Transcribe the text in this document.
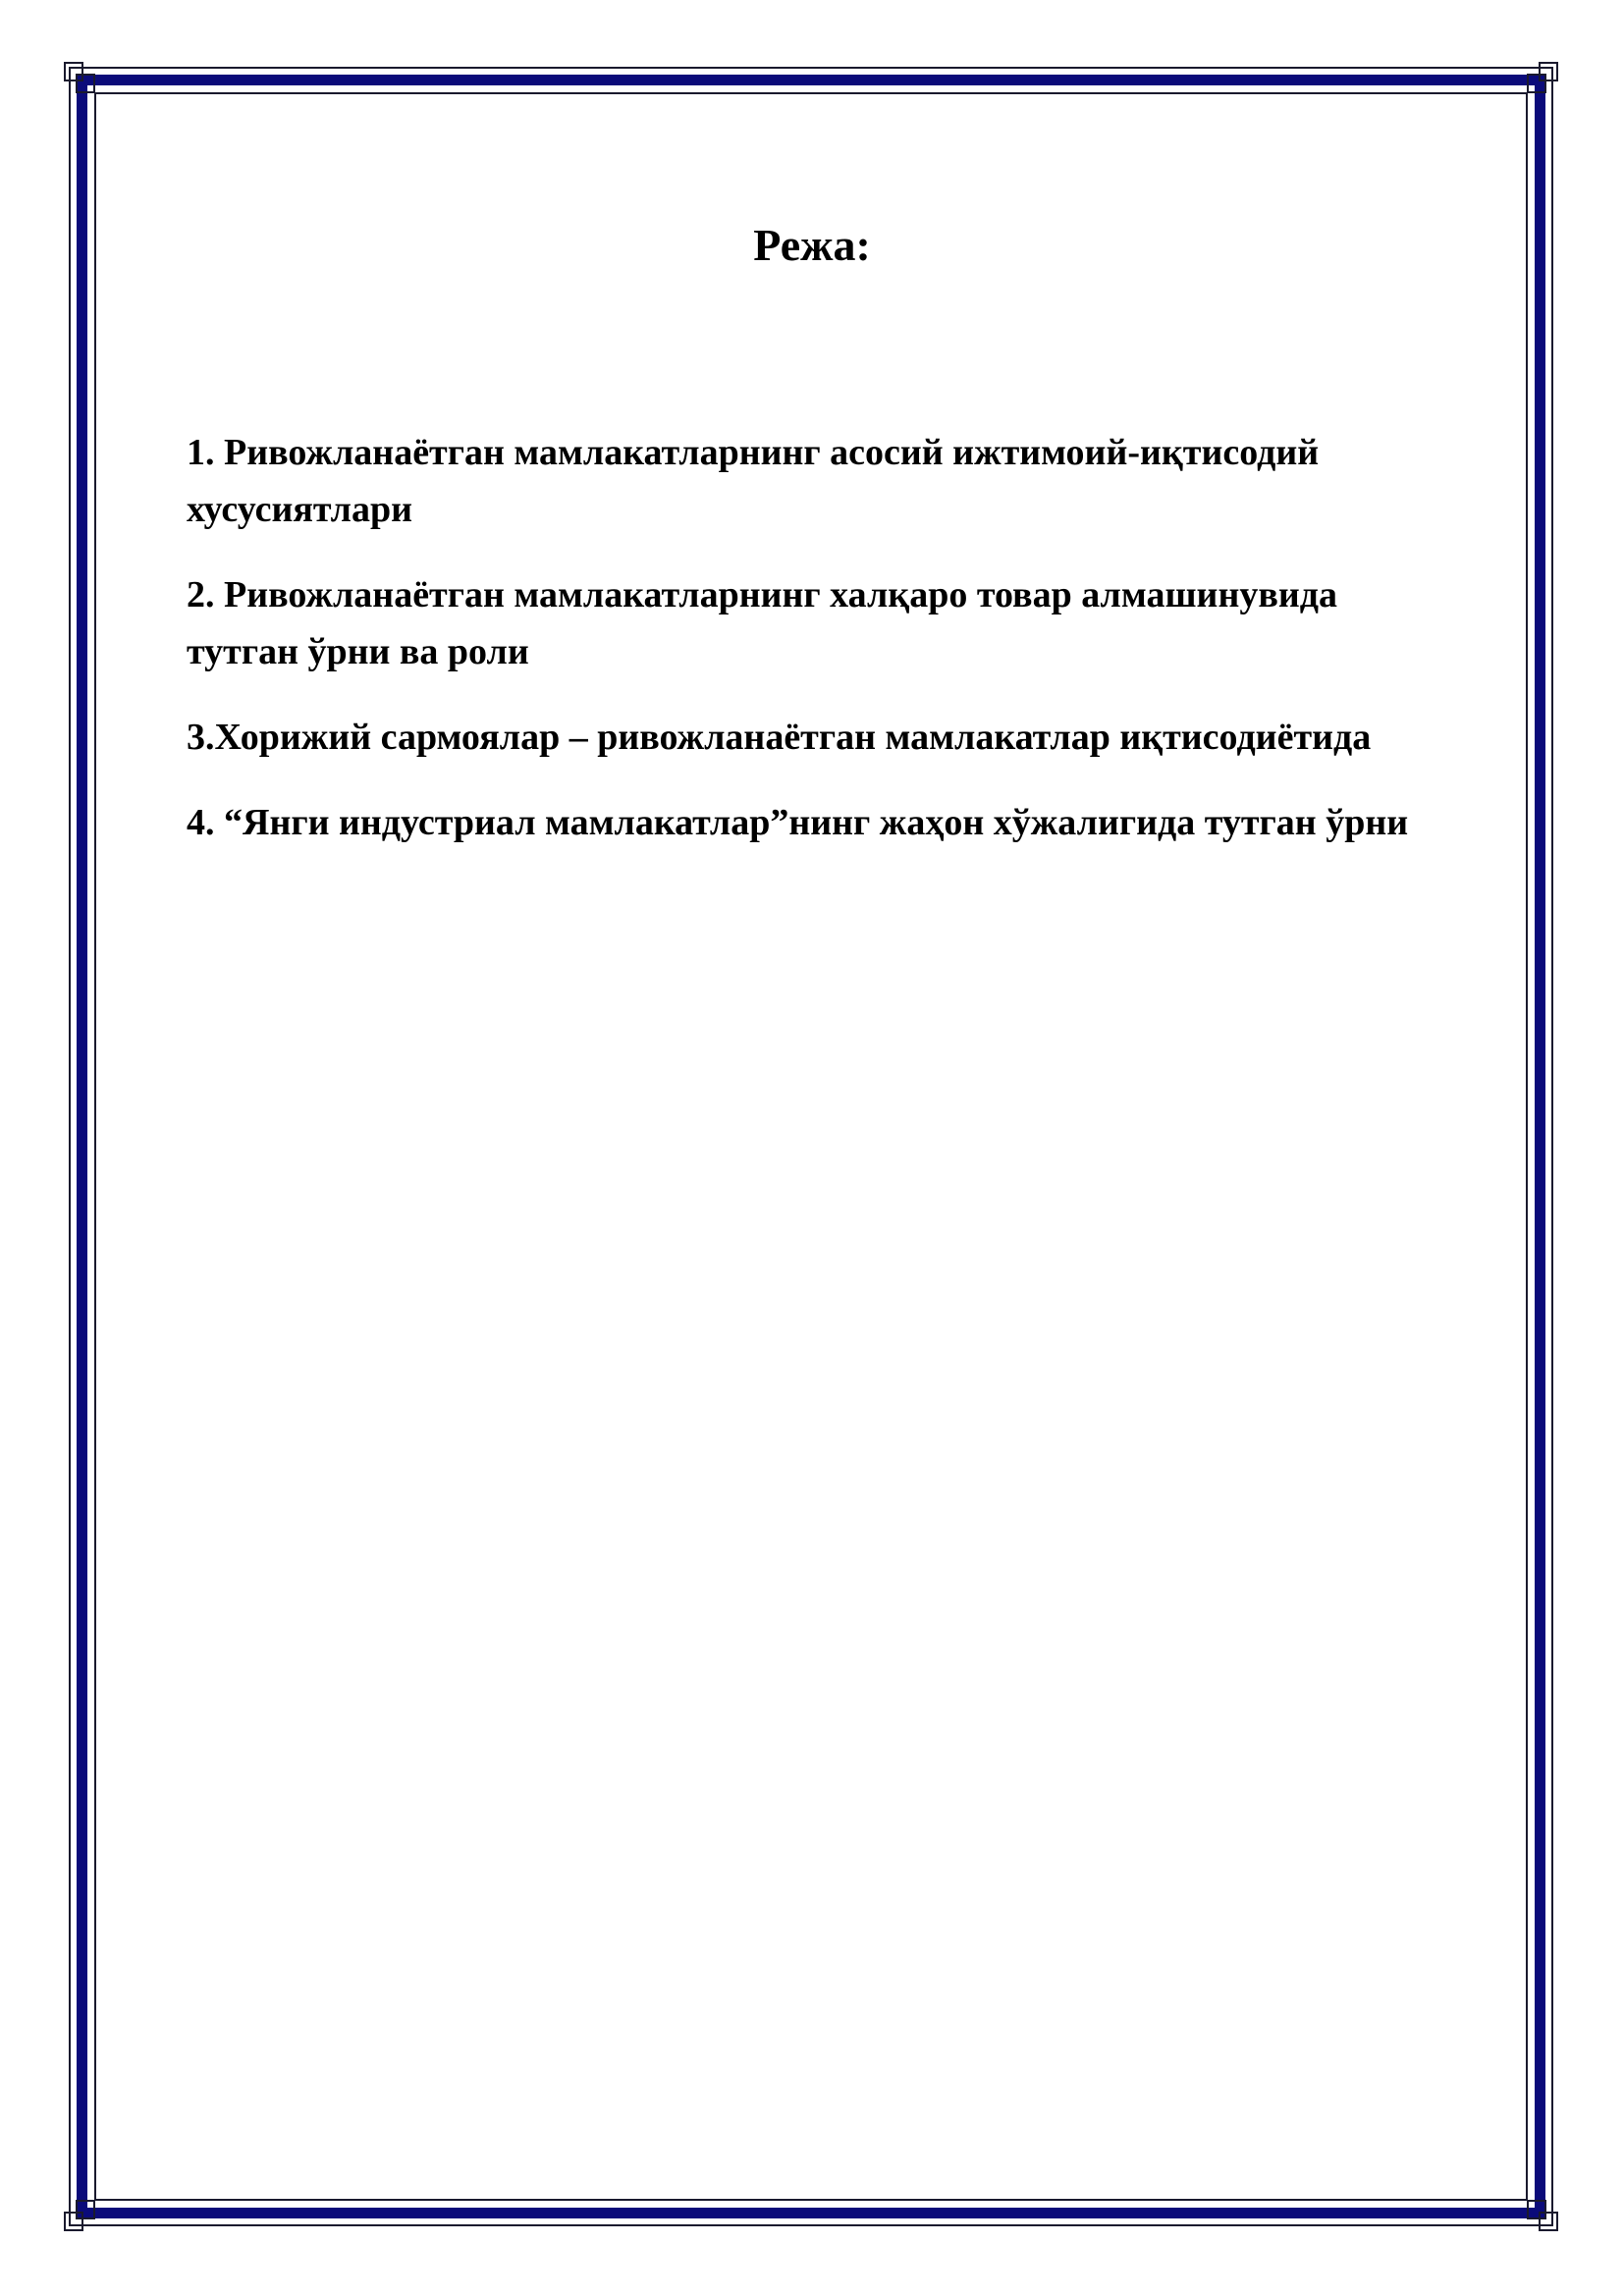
Режа:
1. Ривожланаётган мамлакатларнинг асосий ижтимоий-иқтисодий хусусиятлари
2. Ривожланаётган мамлакатларнинг халқаро товар алмашинувида тутган ўрни ва роли
3.Хорижий сармоялар – ривожланаётган мамлакатлар иқтисодиётида
4. “Янги индустриал мамлакатлар”нинг жаҳон хўжалигида тутган ўрни
